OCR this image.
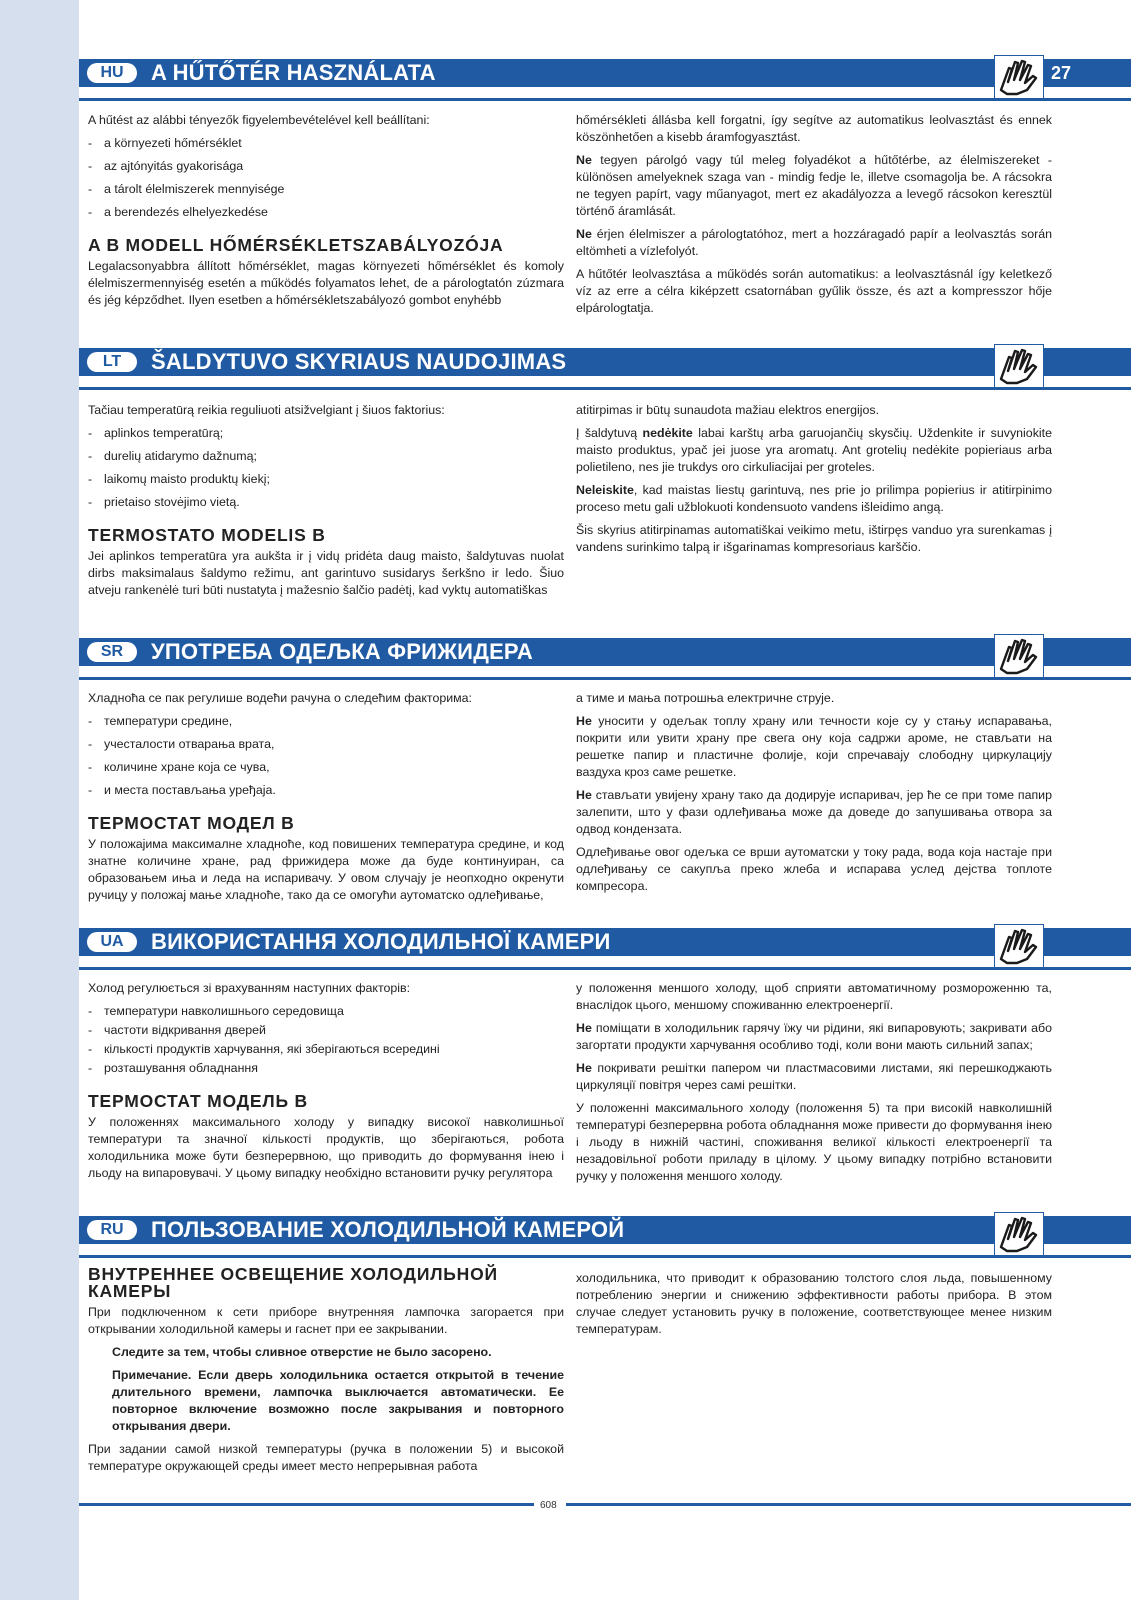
HU	A HŰTŐTÉR HASZNÁLATA	27

A hűtést az alábbi tényezők figyelembevételével kell beállítani:

- a környezeti hőmérséklet
- az ajtónyitás gyakorisága
- a tárolt élelmiszerek mennyisége
- a berendezés elhelyezkedése
A B MODELL HŐMÉRSÉKLETSZABÁLYOZÓJA

Legalacsonyabbra állított hőmérséklet, magas környezeti hőmérséklet és komoly élelmiszermennyiség esetén a működés folyamatos lehet, de a párologtatón zúzmara és jég képződhet. Ilyen esetben a hőmérsékletszabályozó gombot enyhébb

hőmérsékleti állásba kell forgatni, így segítve az automatikus leolvasztást és ennek köszönhetően a kisebb áramfogyasztást.

Ne tegyen párolgó vagy túl meleg folyadékot a hűtőtérbe, az élelmiszereket - különösen amelyeknek szaga van - mindig fedje le, illetve csomagolja be. A rácsokra ne tegyen papírt, vagy műanyagot, mert ez akadályozza a levegő rácsokon keresztül történő áramlását.

Ne érjen élelmiszer a párologtatóhoz, mert a hozzáragadó papír a leolvasztás során eltömheti a vízlefolyót.

A hűtőtér leolvasztása a működés során automatikus: a leolvasztásnál így keletkező víz az erre a célra kiképzett csatornában gyűlik össze, és azt a kompresszor hője elpárologtatja.

LT	ŠALDYTUVO SKYRIAUS NAUDOJIMAS

Tačiau temperatūrą reikia reguliuoti atsižvelgiant į šiuos faktorius:

- aplinkos temperatūrą;
- durelių atidarymo dažnumą;
- laikomų maisto produktų kiekį;
- prietaiso stovėjimo vietą.
TERMOSTATO MODELIS B

Jei aplinkos temperatūra yra aukšta ir į vidų pridėta daug maisto, šaldytuvas nuolat dirbs maksimalaus šaldymo režimu, ant garintuvo susidarys šerkšno ir ledo. Šiuo atveju rankenėlė turi būti nustatyta į mažesnio šalčio padėtį, kad vyktų automatiškas

atitirpimas ir būtų sunaudota mažiau elektros energijos.

Į šaldytuvą nedėkite labai karštų arba garuojančių skysčių. Uždenkite ir suvyniokite maisto produktus, ypač jei juose yra aromatų. Ant grotelių nedėkite popieriaus arba polietileno, nes jie trukdys oro cirkuliacijai per groteles.

Neleiskite, kad maistas liestų garintuvą, nes prie jo prilimpa popierius ir atitirpinimo proceso metu gali užblokuoti kondensuoto vandens išleidimo angą.

Šis skyrius atitirpinamas automatiškai veikimo metu, ištirpęs vanduo yra surenkamas į vandens surinkimo talpą ir išgarinamas kompresoriaus karščio.

SR	УПОТРЕБА ОДЕЉКА ФРИЖИДЕРА

Хладноћа се пак регулише водећи рачуна о следећим факторима:

- температури средине,
- учесталости отварања врата,
- количине хране која се чува,
- и места постављања уређаја.
ТЕРМОСТАТ МОДЕЛ B

У положајима максималне хладноће, код повишених температура средине, и код знатне количине хране, рад фрижидера може да буде континуиран, са образовањем иња и леда на испаривачу. У овом случају је неопходно окренути ручицу у положај мање хладноће, тако да се омогући аутоматско одлеђивање,

а тиме и мања потрошња електричне струје.

Не уносити у одељак топлу храну или течности које су у стању испаравања, покрити или увити храну пре свега ону која садржи ароме, не стављати на решетке папир и пластичне фолије, који спречавају слободну циркулацију ваздуха кроз саме решетке.

Не стављати увијену храну тако да додирује испаривач, јер ће се при томе папир залепити, што у фази одлеђивања може да доведе до запушивања отвора за одвод кондензата.

Одлеђивање овог одељка се врши аутоматски у току рада, вода која настаје при одлеђивању се сакупља преко жлеба и испарава услед дејства топлоте компресора.

UA	ВИКОРИСТАННЯ ХОЛОДИЛЬНОЇ КАМЕРИ

Холод регулюється зі врахуванням наступних факторів:

- температури навколишнього середовища
- частоти відкривання дверей
- кількості продуктів харчування, які зберігаються всередині
- розташування обладнання
ТЕРМОСТАТ МОДЕЛЬ B

У положеннях максимального холоду у випадку високої навколишньої температури та значної кількості продуктів, що зберігаються, робота холодильника може бути безперервною, що приводить до формування інею і льоду на випаровувачі. У цьому випадку необхідно встановити ручку регулятора

у положення меншого холоду, щоб сприяти автоматичному розмороженню та, внаслідок цього, меншому споживанню електроенергії.

Не поміщати в холодильник гарячу їжу чи рідини, які випаровують; закривати або загортати продукти харчування особливо тоді, коли вони мають сильний запах;

Не покривати решітки папером чи пластмасовими листами, які перешкоджають циркуляції повітря через самі решітки.

У положенні максимального холоду (положення 5) та при високій навколишній температурі безперервна робота обладнання може привести до формування інею і льоду в нижній частині, споживання великої кількості електроенергії та незадовільної роботи приладу в цілому. У цьому випадку потрібно встановити ручку у положення меншого холоду.

RU	ПОЛЬЗОВАНИЕ ХОЛОДИЛЬНОЙ КАМЕРОЙ
ВНУТРЕННЕЕ ОСВЕЩЕНИЕ ХОЛОДИЛЬНОЙ КАМЕРЫ

При подключенном к сети приборе внутренняя лампочка загорается при открывании холодильной камеры и гаснет при ее закрывании.

Следите за тем, чтобы сливное отверстие не было засорено.

Примечание. Если дверь холодильника остается открытой в течение длительного времени, лампочка выключается автоматически. Ее повторное включение возможно после закрывания и повторного открывания двери.

При задании самой низкой температуры (ручка в положении 5) и высокой температуре окружающей среды имеет место непрерывная работа

холодильника, что приводит к образованию толстого слоя льда, повышенному потреблению энергии и снижению эффективности работы прибора. В этом случае следует установить ручку в положение, соответствующее менее низким температурам.

608
